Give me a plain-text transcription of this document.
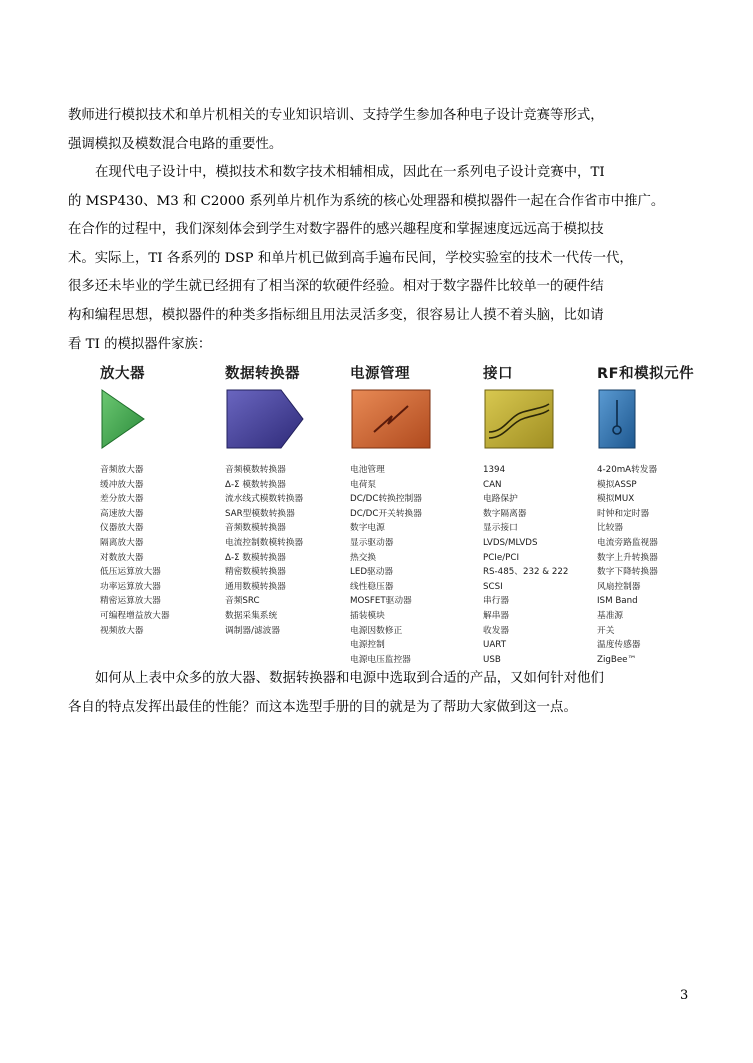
教师进行模拟技术和单片机相关的专业知识培训、支持学生参加各种电子设计竞赛等形式，
强调模拟及模数混合电路的重要性。
在现代电子设计中，模拟技术和数字技术相辅相成，因此在一系列电子设计竞赛中，TI
的 MSP430、M3 和 C2000 系列单片机作为系统的核心处理器和模拟器件一起在合作省市中推广。
在合作的过程中，我们深刻体会到学生对数字器件的感兴趣程度和掌握速度远远高于模拟技
术。实际上，TI 各系列的 DSP 和单片机已做到高手遍布民间，学校实验室的技术一代传一代，
很多还未毕业的学生就已经拥有了相当深的软硬件经验。相对于数字器件比较单一的硬件结
构和编程思想，模拟器件的种类多指标细且用法灵活多变，很容易让人摸不着头脑，比如请
看 TI 的模拟器件家族：
放大器
音频放大器
缓冲放大器
差分放大器
高速放大器
仪器放大器
隔离放大器
对数放大器
低压运算放大器
功率运算放大器
精密运算放大器
可编程增益放大器
视频放大器
数据转换器
音频模数转换器
Δ-Σ 模数转换器
流水线式模数转换器
SAR型模数转换器
音频数模转换器
电流控制数模转换器
Δ-Σ 数模转换器
精密数模转换器
通用数模转换器
音频SRC
数据采集系统
调制器/滤波器
电源管理
电池管理
电荷泵
DC/DC转换控制器
DC/DC开关转换器
数字电源
显示驱动器
热交换
LED驱动器
线性稳压器
MOSFET驱动器
插装模块
电源因数修正
电源控制
电源电压监控器
接口
1394
CAN
电路保护
数字隔离器
显示接口
LVDS/MLVDS
PCIe/PCI
RS-485、232 & 222
SCSI
串行器
解串器
收发器
UART
USB
RF和模拟元件
4-20mA转发器
模拟ASSP
模拟MUX
时钟和定时器
比较器
电流旁路监视器
数字上升转换器
数字下降转换器
风扇控制器
ISM Band
基准源
开关
温度传感器
ZigBee™
如何从上表中众多的放大器、数据转换器和电源中选取到合适的产品，又如何针对他们
各自的特点发挥出最佳的性能？而这本选型手册的目的就是为了帮助大家做到这一点。
3
